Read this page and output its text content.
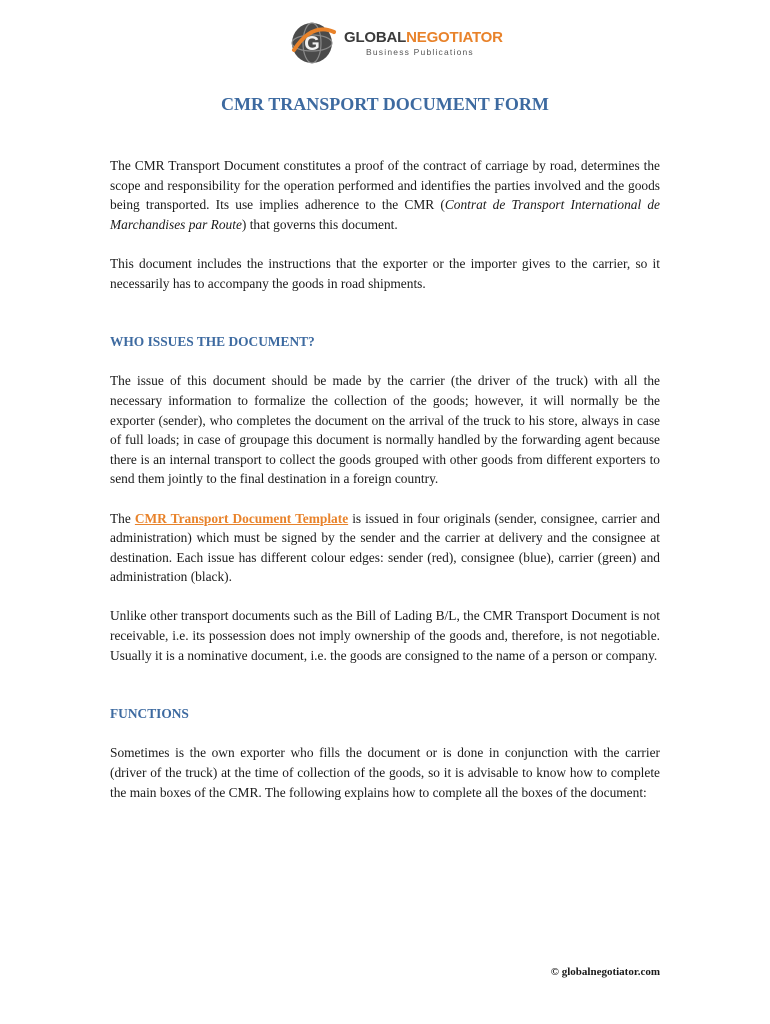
G GLOBALNEGOTIATOR
Business Publications
CMR TRANSPORT DOCUMENT FORM

The CMR Transport Document constitutes a proof of the contract of carriage by road, determines the scope and responsibility for the operation performed and identifies the parties involved and the goods being transported. Its use implies adherence to the CMR (Contrat de Transport International de Marchandises par Route) that governs this document.

This document includes the instructions that the exporter or the importer gives to the carrier, so it necessarily has to accompany the goods in road shipments.

WHO ISSUES THE DOCUMENT?

The issue of this document should be made by the carrier (the driver of the truck) with all the necessary information to formalize the collection of the goods; however, it will normally be the exporter (sender), who completes the document on the arrival of the truck to his store, always in case of full loads; in case of groupage this document is normally handled by the forwarding agent because there is an internal transport to collect the goods grouped with other goods from different exporters to send them jointly to the final destination in a foreign country.

The CMR Transport Document Template is issued in four originals (sender, consignee, carrier and administration) which must be signed by the sender and the carrier at delivery and the consignee at destination. Each issue has different colour edges: sender (red), consignee (blue), carrier (green) and administration (black).

Unlike other transport documents such as the Bill of Lading B/L, the CMR Transport Document is not receivable, i.e. its possession does not imply ownership of the goods and, therefore, is not negotiable. Usually it is a nominative document, i.e. the goods are consigned to the name of a person or company.

FUNCTIONS

Sometimes is the own exporter who fills the document or is done in conjunction with the carrier (driver of the truck) at the time of collection of the goods, so it is advisable to know how to complete the main boxes of the CMR. The following explains how to complete all the boxes of the document:

© globalnegotiator.com
